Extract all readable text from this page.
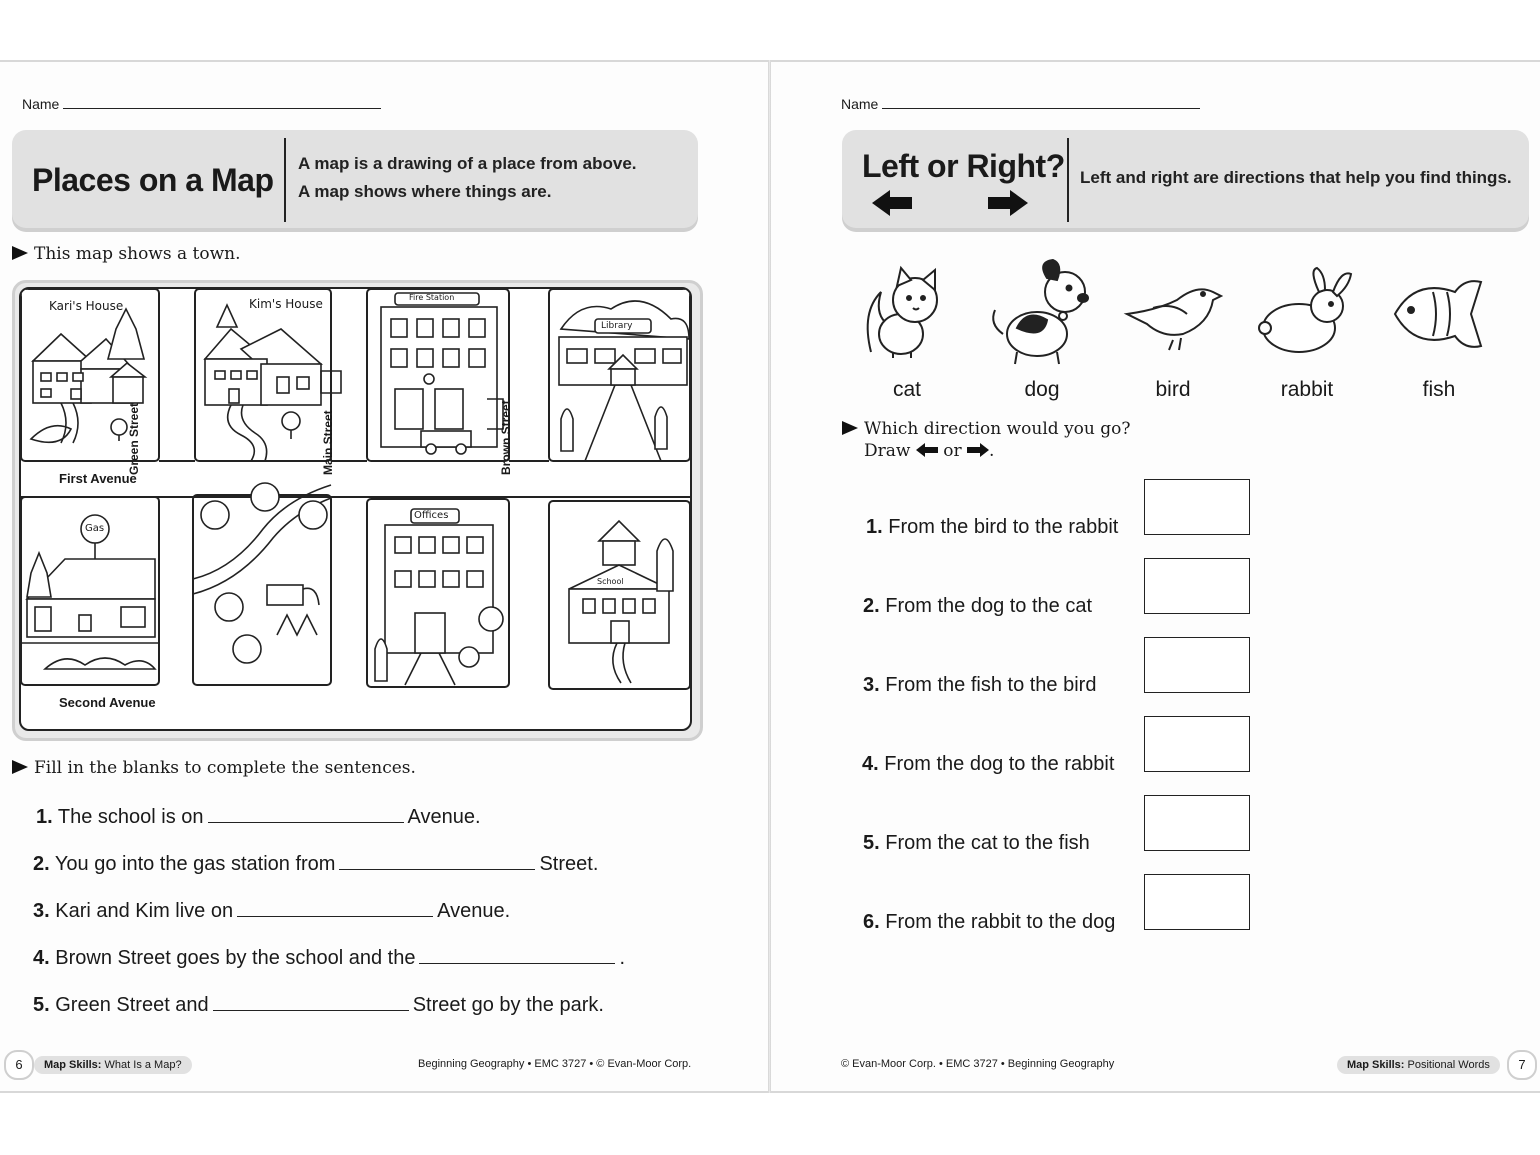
Name
Places on a Map A map is a drawing of a place from above.
A map shows where things are.
This map shows a town.
Kari's House	Kim's House	Fire Station
Library
Gas
Offices
School
Green Street	Main Street	Brown Street
First Avenue
Second Avenue
Fill in the blanks to complete the sentences.
1. The school is on	Avenue.
2. You go into the gas station from	Street.
3. Kari and Kim live on	Avenue.
4. Brown Street goes by the school and the	.
5. Green Street and	Street go by the park.
6	Map Skills: What Is a Map?	Beginning Geography • EMC 3727 • © Evan-Moor Corp.
Name
Left or Right? Left and right are directions that help you find things.
cat	dog	bird	rabbit	fish
Which direction would you go?
Draw or .
1. From the bird to the rabbit
2. From the dog to the cat
3. From the fish to the bird
4. From the dog to the rabbit
5. From the cat to the fish
6. From the rabbit to the dog
© Evan-Moor Corp. • EMC 3727 • Beginning Geography	Map Skills: Positional Words	7
